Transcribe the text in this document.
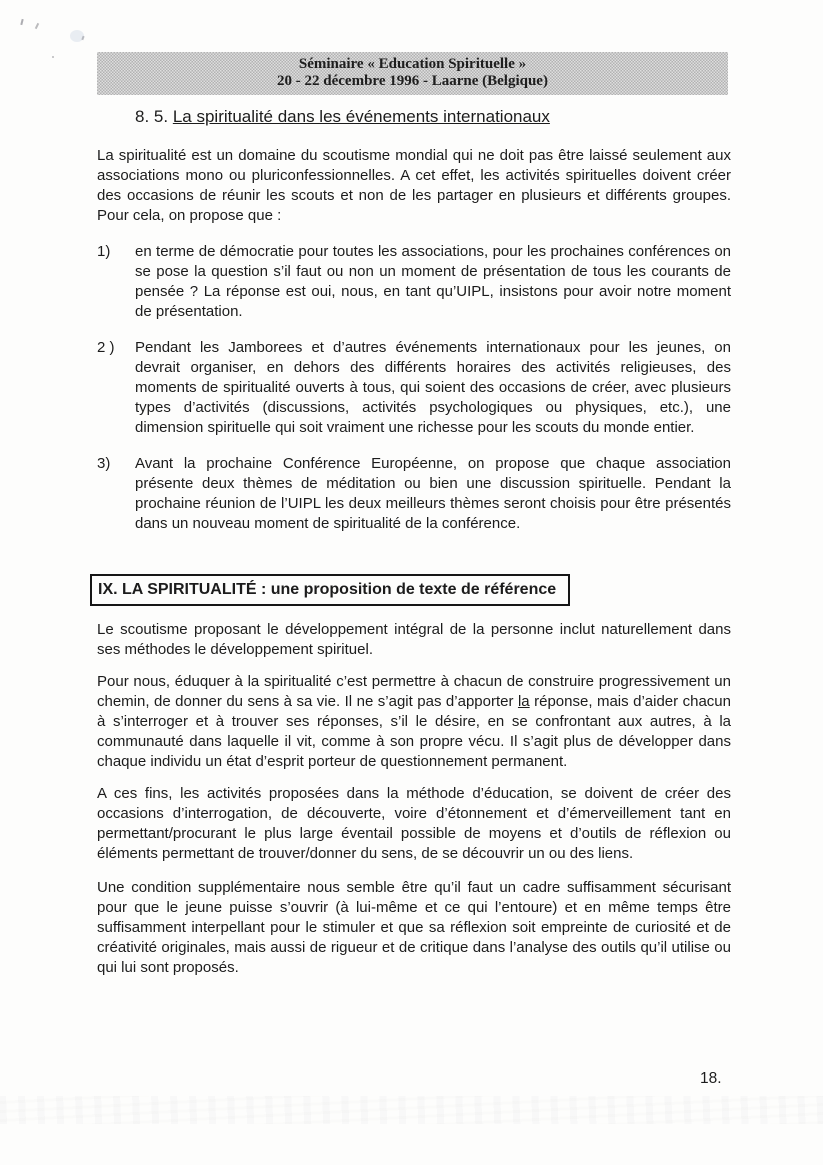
Séminaire « Education Spirituelle »
20 - 22 décembre 1996 - Laarne (Belgique)
8. 5. La spiritualité dans les événements internationaux

La spiritualité est un domaine du scoutisme mondial qui ne doit pas être laissé seulement aux associations mono ou pluriconfessionnelles. A cet effet, les activités spirituelles doivent créer des occasions de réunir les scouts et non de les partager en plusieurs et différents groupes. Pour cela, on propose que :

1)	en terme de démocratie pour toutes les associations, pour les prochaines conférences on se pose la question s’il faut ou non un moment de présentation de tous les courants de pensée ? La réponse est oui, nous, en tant qu’UIPL, insistons pour avoir notre moment de présentation.
2 )	Pendant les Jamborees et d’autres événements internationaux pour les jeunes, on devrait organiser, en dehors des différents horaires des activités religieuses, des moments de spiritualité ouverts à tous, qui soient des occasions de créer, avec plusieurs types d’activités (discussions, activités psychologiques ou physiques, etc.), une dimension spirituelle qui soit vraiment une richesse pour les scouts du monde entier.
3)	Avant la prochaine Conférence Européenne, on propose que chaque association présente deux thèmes de méditation ou bien une discussion spirituelle. Pendant la prochaine réunion de l’UIPL les deux meilleurs thèmes seront choisis pour être présentés dans un nouveau moment de spiritualité de la conférence.
IX. LA SPIRITUALITÉ : une proposition de texte de référence

Le scoutisme proposant le développement intégral de la personne inclut naturellement dans ses méthodes le développement spirituel.

Pour nous, éduquer à la spiritualité c’est permettre à chacun de construire progressivement un chemin, de donner du sens à sa vie. Il ne s’agit pas d’apporter la réponse, mais d’aider chacun à s’interroger et à trouver ses réponses, s’il le désire, en se confrontant aux autres, à la communauté dans laquelle il vit, comme à son propre vécu. Il s’agit plus de développer dans chaque individu un état d’esprit porteur de questionnement permanent.

A ces fins, les activités proposées dans la méthode d’éducation, se doivent de créer des occasions d’interrogation, de découverte, voire d’étonnement et d’émerveillement tant en permettant/procurant le plus large éventail possible de moyens et d’outils de réflexion ou éléments permettant de trouver/donner du sens, de se découvrir un ou des liens.

Une condition supplémentaire nous semble être qu’il faut un cadre suffisamment sécurisant pour que le jeune puisse s’ouvrir (à lui-même et ce qui l’entoure) et en même temps être suffisamment interpellant pour le stimuler et que sa réflexion soit empreinte de curiosité et de créativité originales, mais aussi de rigueur et de critique dans l’analyse des outils qu’il utilise ou qui lui sont proposés.

18.
